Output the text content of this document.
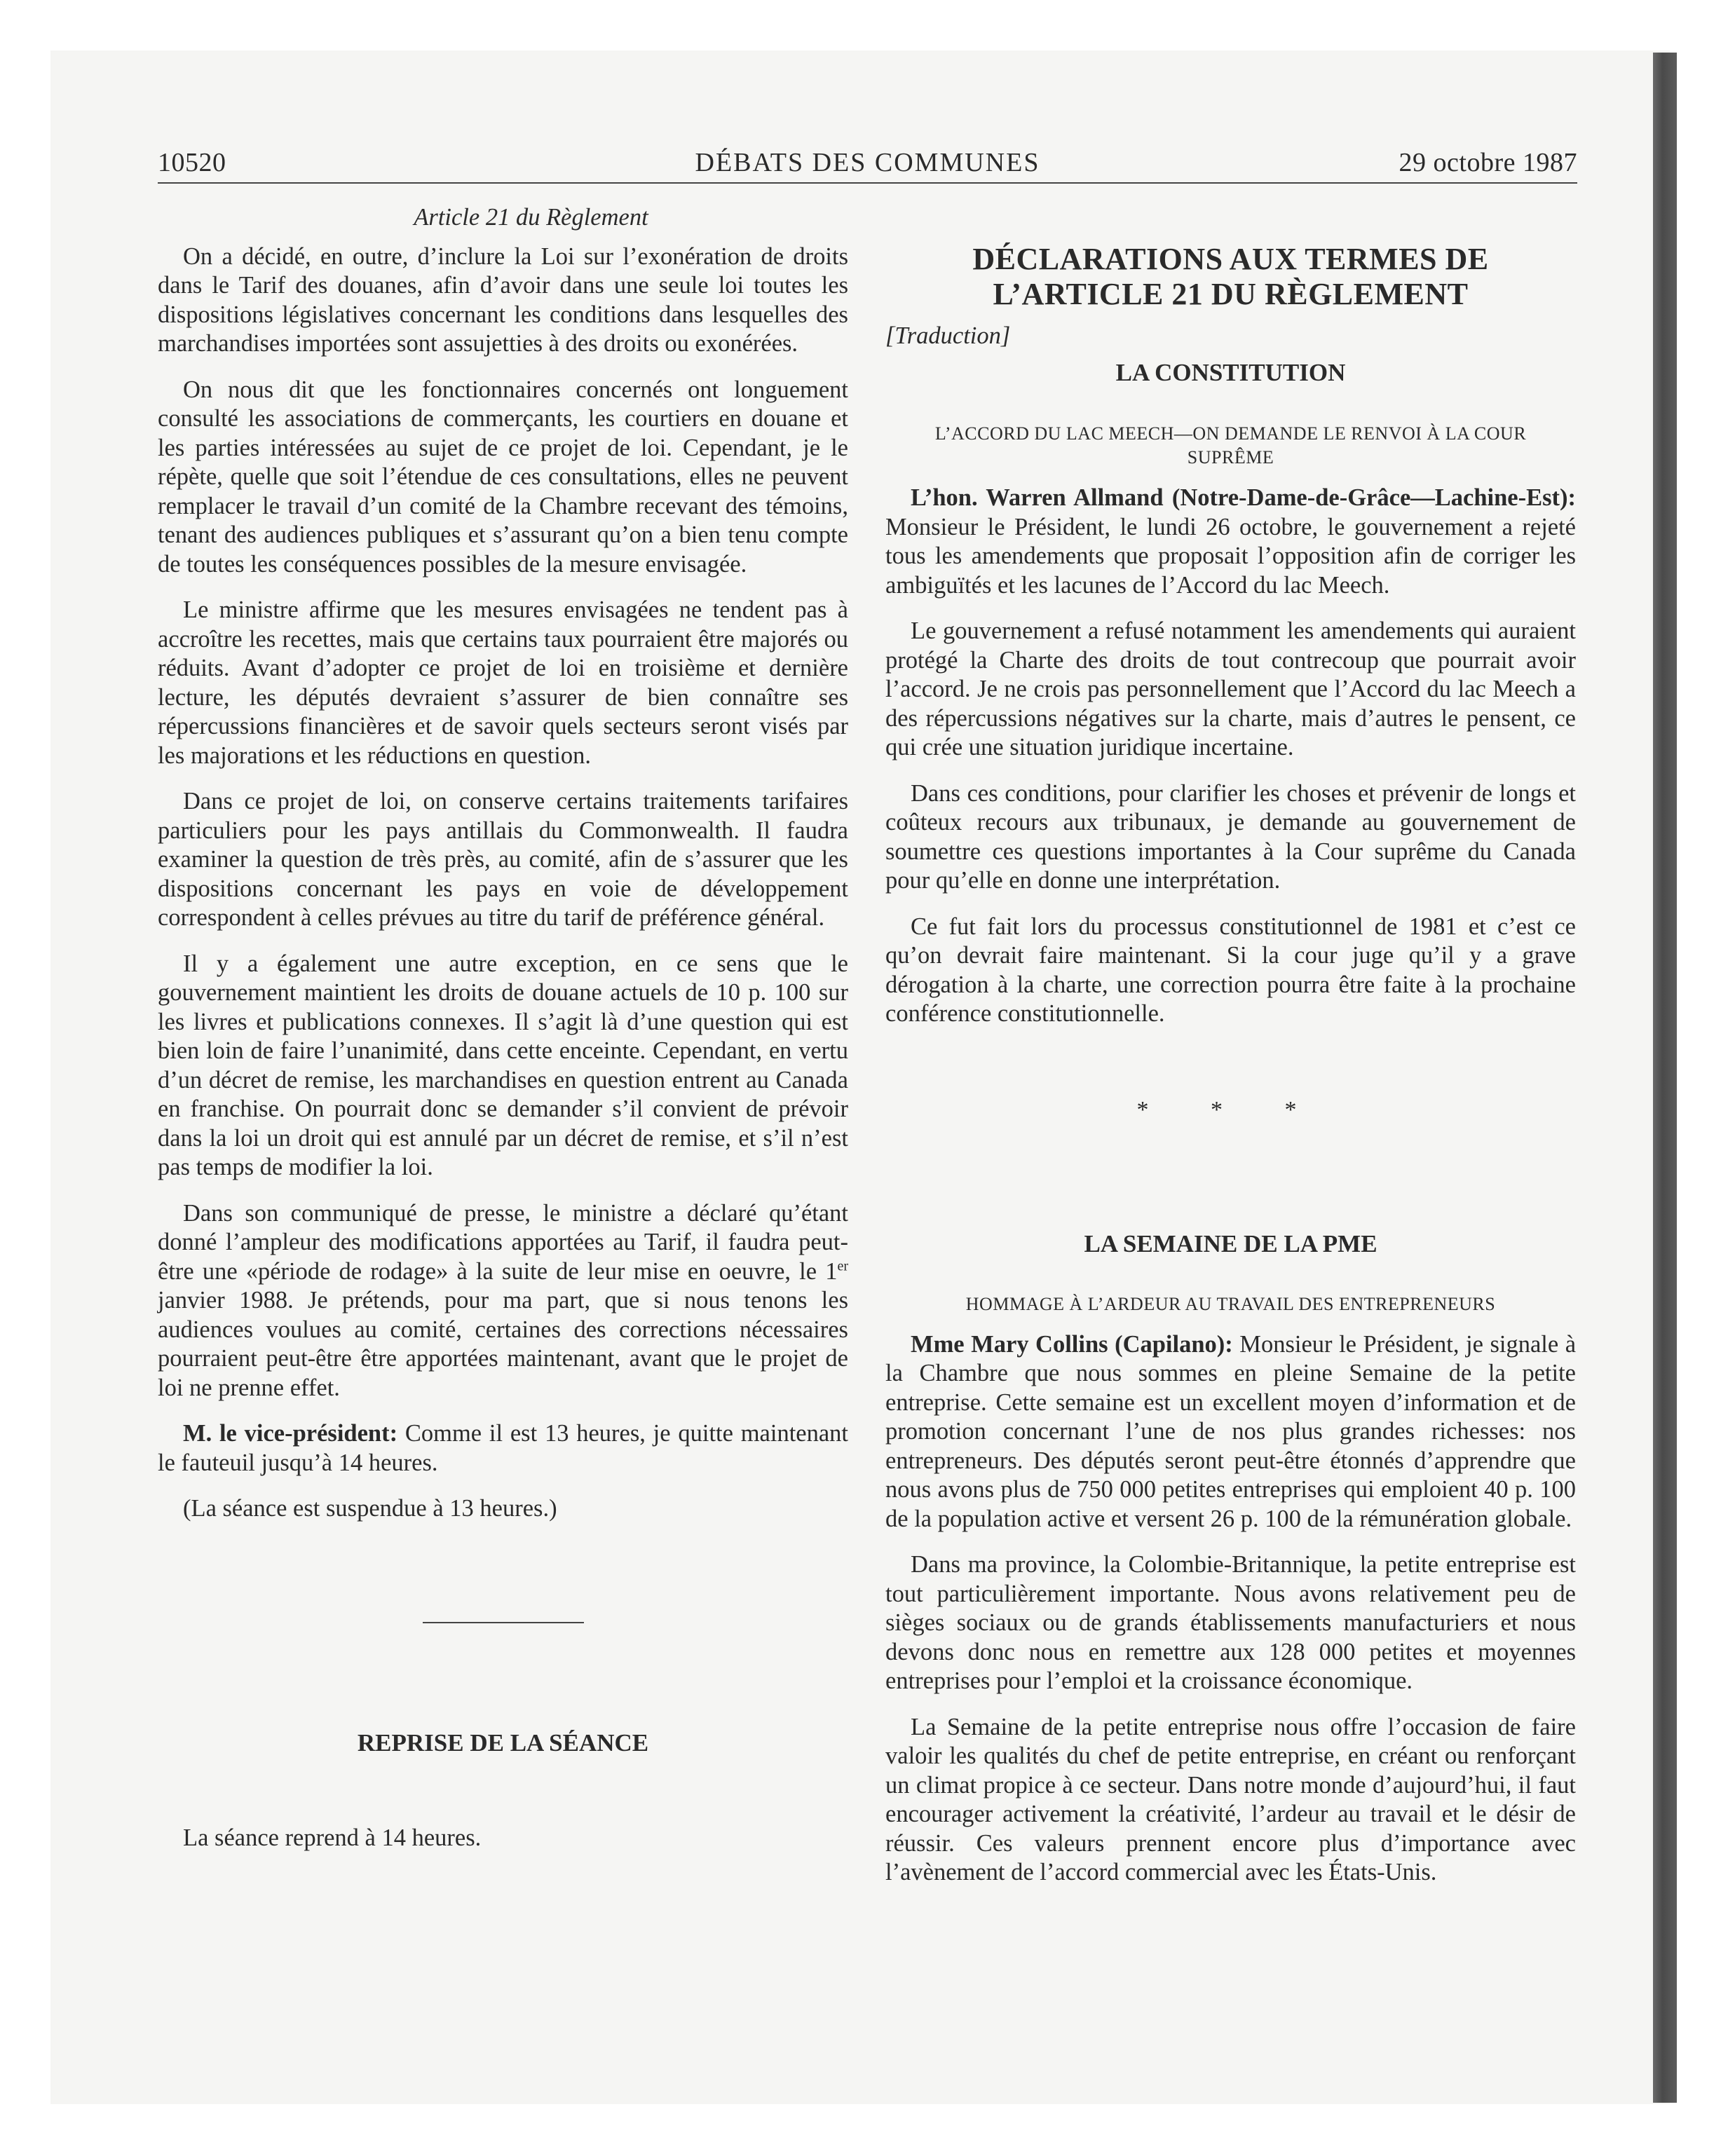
10520	DÉBATS DES COMMUNES	29 octobre 1987
Article 21 du Règlement

On a décidé, en outre, d’inclure la Loi sur l’exonération de droits dans le Tarif des douanes, afin d’avoir dans une seule loi toutes les dispositions législatives concernant les conditions dans lesquelles des marchandises importées sont assujetties à des droits ou exonérées.

On nous dit que les fonctionnaires concernés ont longuement consulté les associations de commerçants, les courtiers en douane et les parties intéressées au sujet de ce projet de loi. Cependant, je le répète, quelle que soit l’étendue de ces consultations, elles ne peuvent remplacer le travail d’un comité de la Chambre recevant des témoins, tenant des audiences publiques et s’assurant qu’on a bien tenu compte de toutes les conséquences possibles de la mesure envisagée.

Le ministre affirme que les mesures envisagées ne tendent pas à accroître les recettes, mais que certains taux pourraient être majorés ou réduits. Avant d’adopter ce projet de loi en troisième et dernière lecture, les députés devraient s’assurer de bien connaître ses répercussions financières et de savoir quels secteurs seront visés par les majorations et les réductions en question.

Dans ce projet de loi, on conserve certains traitements tarifaires particuliers pour les pays antillais du Commonwealth. Il faudra examiner la question de très près, au comité, afin de s’assurer que les dispositions concernant les pays en voie de développement correspondent à celles prévues au titre du tarif de préférence général.

Il y a également une autre exception, en ce sens que le gouvernement maintient les droits de douane actuels de 10 p. 100 sur les livres et publications connexes. Il s’agit là d’une question qui est bien loin de faire l’unanimité, dans cette enceinte. Cependant, en vertu d’un décret de remise, les marchandises en question entrent au Canada en franchise. On pourrait donc se demander s’il convient de prévoir dans la loi un droit qui est annulé par un décret de remise, et s’il n’est pas temps de modifier la loi.

Dans son communiqué de presse, le ministre a déclaré qu’étant donné l’ampleur des modifications apportées au Tarif, il faudra peut-être une «période de rodage» à la suite de leur mise en oeuvre, le 1er janvier 1988. Je prétends, pour ma part, que si nous tenons les audiences voulues au comité, certaines des corrections nécessaires pourraient peut-être être apportées maintenant, avant que le projet de loi ne prenne effet.

M. le vice-président: Comme il est 13 heures, je quitte maintenant le fauteuil jusqu’à 14 heures.

(La séance est suspendue à 13 heures.)

REPRISE DE LA SÉANCE

La séance reprend à 14 heures.

DÉCLARATIONS AUX TERMES DE L’ARTICLE 21 DU RÈGLEMENT
[Traduction]
LA CONSTITUTION
L’ACCORD DU LAC MEECH—ON DEMANDE LE RENVOI À LA COUR SUPRÊME

L’hon. Warren Allmand (Notre-Dame-de-Grâce—Lachine-Est): Monsieur le Président, le lundi 26 octobre, le gouvernement a rejeté tous les amendements que proposait l’opposition afin de corriger les ambiguïtés et les lacunes de l’Accord du lac Meech.

Le gouvernement a refusé notamment les amendements qui auraient protégé la Charte des droits de tout contrecoup que pourrait avoir l’accord. Je ne crois pas personnellement que l’Accord du lac Meech a des répercussions négatives sur la charte, mais d’autres le pensent, ce qui crée une situation juridique incertaine.

Dans ces conditions, pour clarifier les choses et prévenir de longs et coûteux recours aux tribunaux, je demande au gouvernement de soumettre ces questions importantes à la Cour suprême du Canada pour qu’elle en donne une interprétation.

Ce fut fait lors du processus constitutionnel de 1981 et c’est ce qu’on devrait faire maintenant. Si la cour juge qu’il y a grave dérogation à la charte, une correction pourra être faite à la prochaine conférence constitutionnelle.

* * *
LA SEMAINE DE LA PME
HOMMAGE À L’ARDEUR AU TRAVAIL DES ENTREPRENEURS

Mme Mary Collins (Capilano): Monsieur le Président, je signale à la Chambre que nous sommes en pleine Semaine de la petite entreprise. Cette semaine est un excellent moyen d’information et de promotion concernant l’une de nos plus grandes richesses: nos entrepreneurs. Des députés seront peut-être étonnés d’apprendre que nous avons plus de 750 000 petites entreprises qui emploient 40 p. 100 de la population active et versent 26 p. 100 de la rémunération globale.

Dans ma province, la Colombie-Britannique, la petite entreprise est tout particulièrement importante. Nous avons relativement peu de sièges sociaux ou de grands établissements manufacturiers et nous devons donc nous en remettre aux 128 000 petites et moyennes entreprises pour l’emploi et la croissance économique.

La Semaine de la petite entreprise nous offre l’occasion de faire valoir les qualités du chef de petite entreprise, en créant ou renforçant un climat propice à ce secteur. Dans notre monde d’aujourd’hui, il faut encourager activement la créativité, l’ardeur au travail et le désir de réussir. Ces valeurs prennent encore plus d’importance avec l’avènement de l’accord commercial avec les États-Unis.
